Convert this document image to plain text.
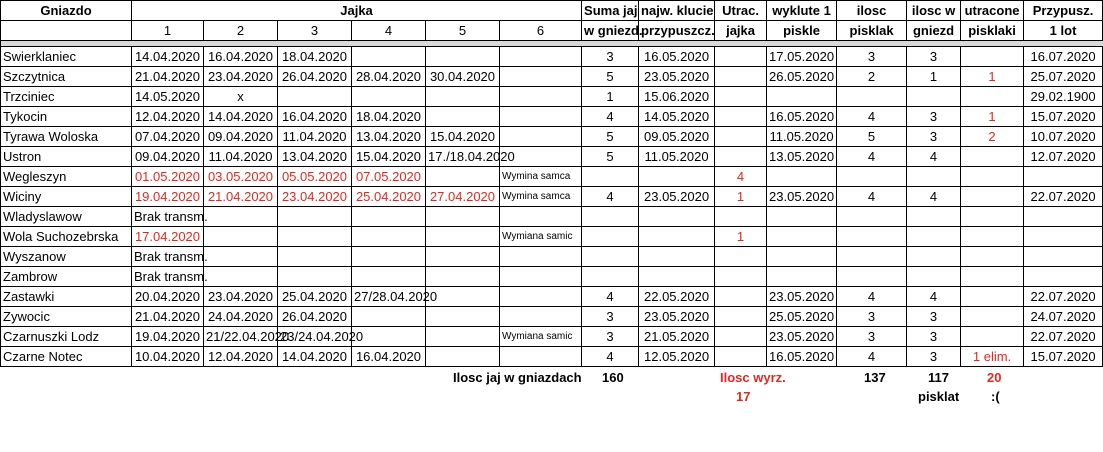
Gniazdo	Jajka						Suma jaj	najw. klucie	Utrac.	wyklute 1	ilosc	ilosc w	utracone	Przypusz.
	1	2	3	4	5	6	w gniezd.	przypuszcz.	jajka	piskle	pisklak	gniezd	pisklaki	1 lot

Swierklaniec	14.04.2020	16.04.2020	18.04.2020				3	16.05.2020		17.05.2020	3	3		16.07.2020
Szczytnica	21.04.2020	23.04.2020	26.04.2020	28.04.2020	30.04.2020		5	23.05.2020		26.05.2020	2	1	1	25.07.2020
Trzciniec	14.05.2020	x					1	15.06.2020						29.02.1900
Tykocin	12.04.2020	14.04.2020	16.04.2020	18.04.2020			4	14.05.2020		16.05.2020	4	3	1	15.07.2020
Tyrawa Woloska	07.04.2020	09.04.2020	11.04.2020	13.04.2020	15.04.2020		5	09.05.2020		11.05.2020	5	3	2	10.07.2020
Ustron	09.04.2020	11.04.2020	13.04.2020	15.04.2020	17./18.04.2020		5	11.05.2020		13.05.2020	4	4		12.07.2020
Wegleszyn	01.05.2020	03.05.2020	05.05.2020	07.05.2020		Wymina samca			4					
Wiciny	19.04.2020	21.04.2020	23.04.2020	25.04.2020	27.04.2020	Wymina samca	4	23.05.2020	1	23.05.2020	4	4		22.07.2020
Wladyslawow	Brak transm.													
Wola Suchozebrska	17.04.2020					Wymiana samic			1					
Wyszanow	Brak transm.													
Zambrow	Brak transm.													
Zastawki	20.04.2020	23.04.2020	25.04.2020	27/28.04.2020			4	22.05.2020		23.05.2020	4	4		22.07.2020
Zywocic	21.04.2020	24.04.2020	26.04.2020				3	23.05.2020		25.05.2020	3	3		24.07.2020
Czarnuszki Lodz	19.04.2020	21/22.04.2020	23/24.04.2020			Wymiana samic	3	21.05.2020		23.05.2020	3	3		22.07.2020
Czarne Notec	10.04.2020	12.04.2020	14.04.2020	16.04.2020			4	12.05.2020		16.05.2020	4	3	1 elim.	15.07.2020
Ilosc jaj w gniazdach 160	Ilosc wyrz.
17
137	117	20
pisklat :(
